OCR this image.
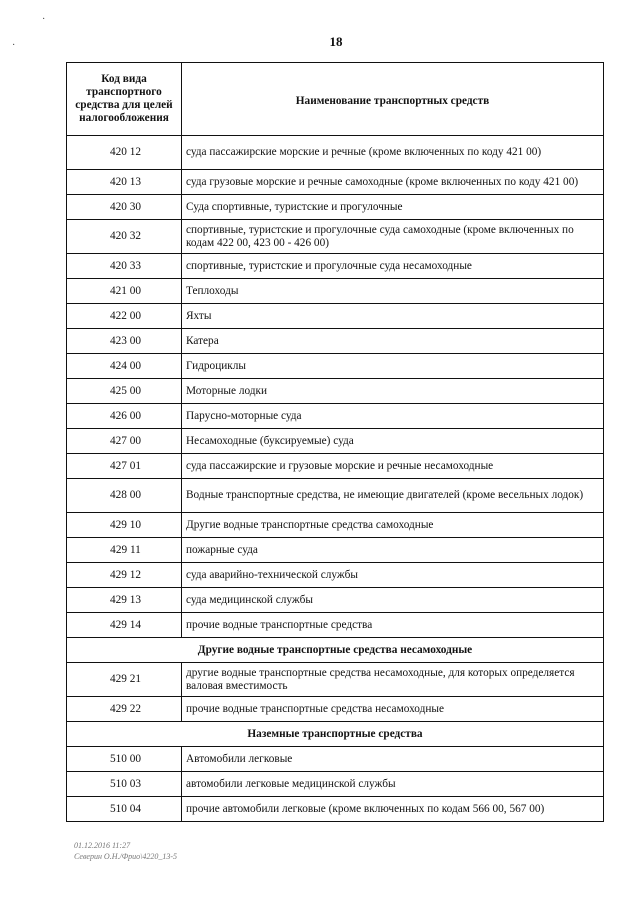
18
·
·
Код вида транспортного средства для целей налогообложения	Наименование транспортных средств
420 12	суда пассажирские морские и речные (кроме включенных по коду 421 00)
420 13	суда грузовые морские и речные самоходные (кроме включенных по коду 421 00)
420 30	Суда спортивные, туристские и прогулочные
420 32	спортивные, туристские и прогулочные суда самоходные (кроме включенных по кодам 422 00, 423 00 - 426 00)
420 33	спортивные, туристские и прогулочные суда несамоходные
421 00	Теплоходы
422 00	Яхты
423 00	Катера
424 00	Гидроциклы
425 00	Моторные лодки
426 00	Парусно-моторные суда
427 00	Несамоходные (буксируемые) суда
427 01	суда пассажирские и грузовые морские и речные несамоходные
428 00	Водные транспортные средства, не имеющие двигателей (кроме весельных лодок)
429 10	Другие водные транспортные средства самоходные
429 11	пожарные суда
429 12	суда аварийно-технической службы
429 13	суда медицинской службы
429 14	прочие водные транспортные средства
Другие водные транспортные средства несамоходные	
429 21	другие водные транспортные средства несамоходные, для которых определяется валовая вместимость
429 22	прочие водные транспортные средства несамоходные
Наземные транспортные средства	
510 00	Автомобили легковые
510 03	автомобили легковые медицинской службы
510 04	прочие автомобили легковые (кроме включенных по кодам 566 00, 567 00)
01.12.2016 11:27
Северин О.Н./Фрио\4220_13-5
